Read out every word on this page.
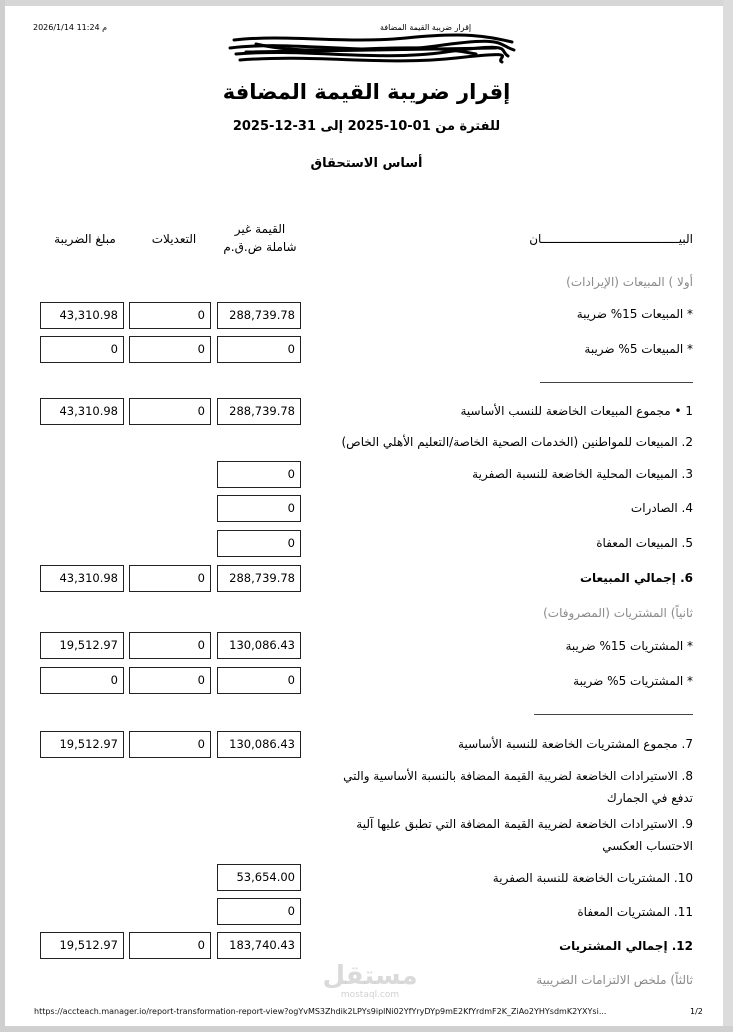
2026/1/14 11:24 م	إقرار ضريبة القيمة المضافة
إقرار ضريبة القيمة المضافة
للفترة من 01-10-2025 إلى 31-12-2025
أساس الاستحقاق
البيـــــــــــــــــــــــــــــــــــــــان
القيمة غير
شاملة ض.ق.م
التعديلات
مبلغ الضريبة
أولا ) المبيعات (الإيرادات)
* المبيعات 15% ضريبة
288,739.78
0
43,310.98
* المبيعات 5% ضريبة
0
0
0
1 • مجموع المبيعات الخاضعة للنسب الأساسية
288,739.78
0
43,310.98
2. المبيعات للمواطنين (الخدمات الصحية الخاصة/التعليم الأهلي الخاص)
3. المبيعات المحلية الخاضعة للنسبة الصفرية
0
4. الصادرات
0
5. المبيعات المعفاة
0
6. إجمالي المبيعات
288,739.78
0
43,310.98
ثانياً) المشتريات (المصروفات)
* المشتريات 15% ضريبة
130,086.43
0
19,512.97
* المشتريات 5% ضريبة
0
0
0
7. مجموع المشتريات الخاضعة للنسبة الأساسية
130,086.43
0
19,512.97
8. الاستيرادات الخاضعة لضريبة القيمة المضافة بالنسبة الأساسية والتي
تدفع في الجمارك
9. الاستيرادات الخاضعة لضريبة القيمة المضافة التي تطبق عليها آلية
الاحتساب العكسي
10. المشتريات الخاضعة للنسبة الصفرية
53,654.00
11. المشتريات المعفاة
0
12. إجمالي المشتريات
183,740.43
0
19,512.97
ثالثاً) ملخص الالتزامات الضريبية
مستقل
mostaql.com
https://accteach.manager.io/report-transformation-report-view?ogYvMS3Zhdik2LPYs9iplNi02YfYryDYp9mE2KfYrdmF2K_ZiAo2YHYsdmK2YXYsi...	1/2
